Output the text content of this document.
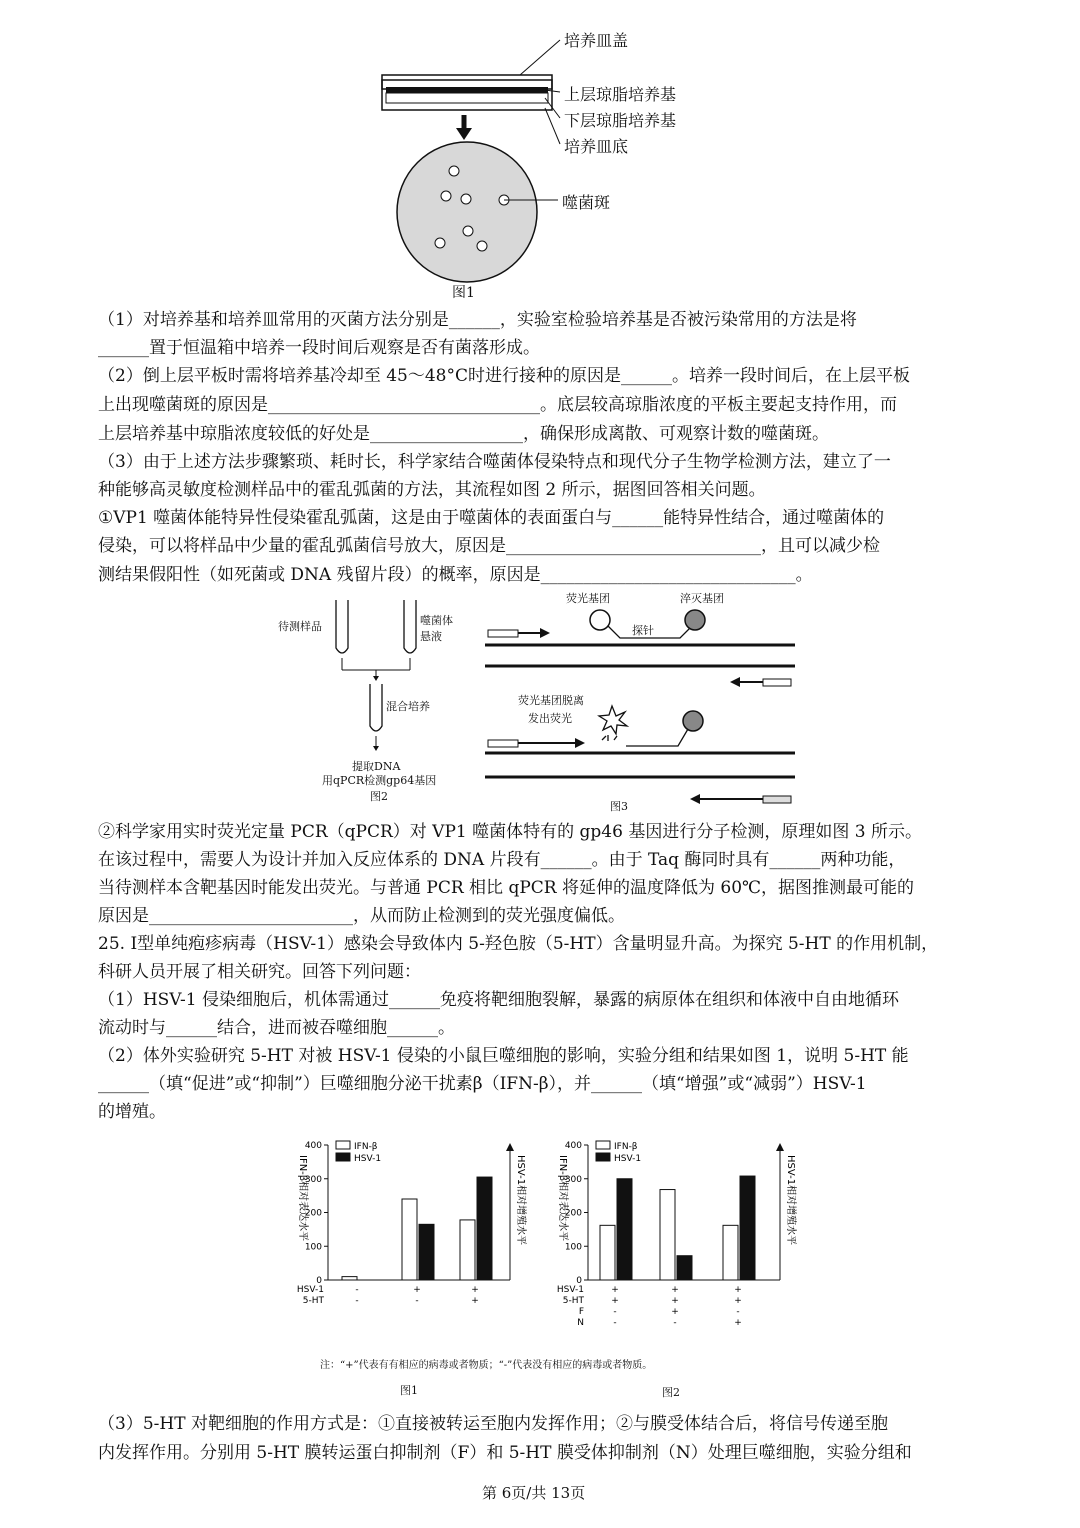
培养皿盖
上层琼脂培养基
下层琼脂培养基
培养皿底
噬菌斑
图1
（1）对培养基和培养皿常用的灭菌方法分别是______，实验室检验培养基是否被污染常用的方法是将
______置于恒温箱中培养一段时间后观察是否有菌落形成。
（2）倒上层平板时需将培养基冷却至 45～48°C时进行接种的原因是______。培养一段时间后，在上层平板
上出现噬菌斑的原因是________________________________。底层较高琼脂浓度的平板主要起支持作用，而
上层培养基中琼脂浓度较低的好处是__________________，确保形成离散、可观察计数的噬菌斑。
（3）由于上述方法步骤繁琐、耗时长，科学家结合噬菌体侵染特点和现代分子生物学检测方法，建立了一
种能够高灵敏度检测样品中的霍乱弧菌的方法，其流程如图 2 所示，据图回答相关问题。
①VP1 噬菌体能特异性侵染霍乱弧菌，这是由于噬菌体的表面蛋白与______能特异性结合，通过噬菌体的
侵染，可以将样品中少量的霍乱弧菌信号放大，原因是______________________________，且可以减少检
测结果假阳性（如死菌或 DNA 残留片段）的概率，原因是______________________________。
待测样品	噬菌体
悬液
混合培养
提取DNA
用qPCR检测gp64基因
图2
荧光基团	淬灭基团
探针
荧光基团脱离
发出荧光
图3
②科学家用实时荧光定量 PCR（qPCR）对 VP1 噬菌体特有的 gp46 基因进行分子检测，原理如图 3 所示。
在该过程中，需要人为设计并加入反应体系的 DNA 片段有______。由于 Taq 酶同时具有______两种功能，
当待测样本含靶基因时能发出荧光。与普通 PCR 相比 qPCR 将延伸的温度降低为 60℃，据图推测最可能的
原因是________________________，从而防止检测到的荧光强度偏低。
25. I型单纯疱疹病毒（HSV-1）感染会导致体内 5-羟色胺（5-HT）含量明显升高。为探究 5-HT 的作用机制，
科研人员开展了相关研究。回答下列问题：
（1）HSV-1 侵染细胞后，机体需通过______免疫将靶细胞裂解，暴露的病原体在组织和体液中自由地循环
流动时与______结合，进而被吞噬细胞______。
（2）体外实验研究 5-HT 对被 HSV-1 侵染的小鼠巨噬细胞的影响，实验分组和结果如图 1，说明 5-HT 能
______（填“促进”或“抑制”）巨噬细胞分泌干扰素β（IFN-β），并______（填“增强”或“减弱”）HSV-1
的增殖。
0
100
200
300
400
IFN-β相对表达水平	HSV-1相对增殖水平
IFN-β
HSV-1
HSV-1	-	+	+
5-HT	-	-	+
0
100
200
300
400
IFN-β相对表达水平	HSV-1相对增殖水平
IFN-β
HSV-1
HSV-1	+	+	+
5-HT	+	+	+
F	-	+	-
N	-	-	+
注：“+”代表有有相应的病毒或者物质；“-”代表没有相应的病毒或者物质。
图1	图2
（3）5-HT 对靶细胞的作用方式是：①直接被转运至胞内发挥作用；②与膜受体结合后，将信号传递至胞
内发挥作用。分别用 5-HT 膜转运蛋白抑制剂（F）和 5-HT 膜受体抑制剂（N）处理巨噬细胞，实验分组和
第 6页/共 13页
